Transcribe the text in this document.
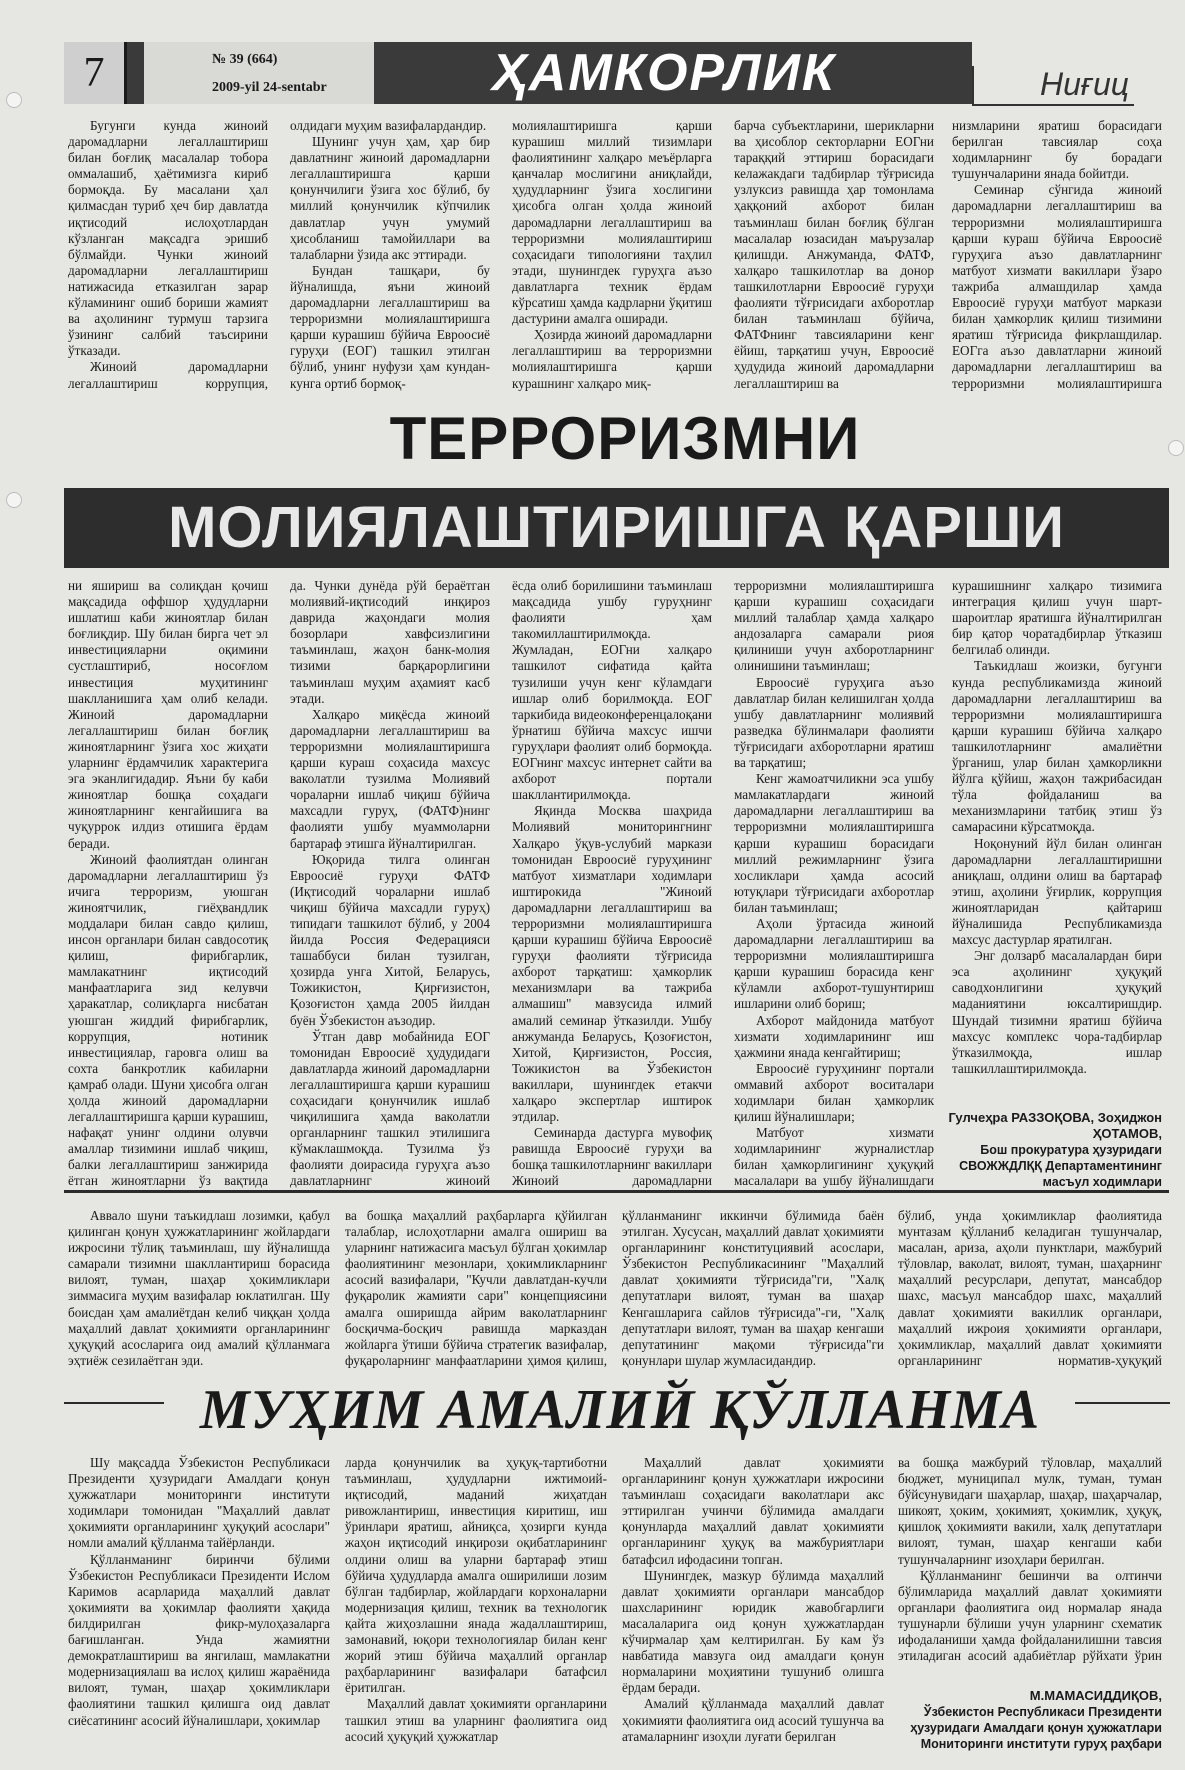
7	№ 39 (664)
2009-yil 24-sentabr	ҲАМКОРЛИК	Ниғиц

Бугунги кунда жиноий даромадларни легаллаштириш билан боғлиқ масалалар тобора оммалашиб, ҳаётимизга кириб бормоқда. Бу масалани ҳал қилмасдан туриб ҳеч бир давлатда иқтисодий ислоҳотлардан кўзланган мақсадга эришиб бўлмайди. Чунки жиноий даромадларни легаллаштириш натижасида етказилган зарар кўламининг ошиб бориши жамият ва аҳолининг турмуш тарзига ўзининг салбий таъсирини ўтказади.

Жиноий даромадларни легаллаштириш коррупция,

олдидаги муҳим вазифалардандир.

Шунинг учун ҳам, ҳар бир давлатнинг жиноий даромадларни легаллаштиришга қарши қонунчилиги ўзига хос бўлиб, бу миллий қонунчилик кўпчилик давлатлар учун умумий ҳисобланиш тамойиллари ва талабларни ўзида акс эттиради.

Бундан ташқари, бу йўналишда, яъни жиноий даромадларни легаллаштириш ва терроризмни молиялаштиришга қарши курашиш бўйича Евроосиё гуруҳи (ЕОГ) ташкил этилган бўлиб, унинг нуфузи ҳам кундан-кунга ортиб бормоқ-

молиялаштиришга қарши курашиш миллий тизимлари фаолиятининг халқаро меъёрларга қанчалар мослигини аниқлайди, ҳудудларнинг ўзига хослигини ҳисобга олган ҳолда жиноий даромадларни легаллаштириш ва терроризмни молиялаштириш соҳасидаги типологияни таҳлил этади, шунингдек гуруҳга аъзо давлатларга техник ёрдам кўрсатиш ҳамда кадрларни ўқитиш дастурини амалга оширади.

Ҳозирда жиноий даромадларни легаллаштириш ва терроризмни молиялаштиришга қарши курашнинг халқаро миқ-

барча субъектларини, шерикларни ва ҳисоблор секторларни ЕОГни тараққий эттириш борасидаги келажакдаги тадбирлар тўғрисида узлуксиз равишда ҳар томонлама ҳаққоний ахборот билан таъминлаш билан боғлиқ бўлган масалалар юзасидан маърузалар қилишди. Анжуманда, ФАТФ, халқаро ташкилотлар ва донор ташкилотларни Евроосиё гуруҳи фаолияти тўғрисидаги ахборотлар билан таъминлаш бўйича, ФАТФнинг тавсияларини кенг ёйиш, тарқатиш учун, Евроосиё ҳудудида жиноий даромадларни легаллаштириш ва

низмларини яратиш борасидаги берилган тавсиялар соҳа ходимларнинг бу борадаги тушунчаларини янада бойитди.

Семинар сўнгида жиноий даромадларни легаллаштириш ва терроризмни молиялаштиришга қарши кураш бўйича Евроосиё гуруҳига аъзо давлатларнинг матбуот хизмати вакиллари ўзаро тажриба алмашдилар ҳамда Евроосиё гуруҳи матбуот маркази билан ҳамкорлик қилиш тизимини яратиш тўғрисида фикрлашдилар. ЕОГга аъзо давлатларни жиноий даромадларни легаллаштириш ва терроризмни молиялаштиришга

ТЕРРОРИЗМНИ
МОЛИЯЛАШТИРИШГА ҚАРШИ

ни яшириш ва солиқдан қочиш мақсадида оффшор ҳудудларни ишлатиш каби жиноятлар билан боғлиқдир. Шу билан бирга чет эл инвестицияларни оқимини сустлаштириб, носоғлом инвестиция муҳитининг шаклланишига ҳам олиб келади. Жиноий даромадларни легаллаштириш билан боғлиқ жиноятларнинг ўзига хос жиҳати уларнинг ёрдамчилик характерига эга эканлигидадир. Яъни бу каби жиноятлар бошқа соҳадаги жиноятларнинг кенгайишига ва чуқуррок илдиз отишига ёрдам беради.

Жиноий фаолиятдан олинган даромадларни легаллаштириш ўз ичига терроризм, уюшган жиноятчилик, гиёҳвандлик моддалари билан савдо қилиш, инсон органлари билан савдосотиқ қилиш, фирибгарлик, мамлакатнинг иқтисодий манфаатларига зид келувчи ҳаракатлар, солиқларга нисбатан уюшган жиддий фирибгарлик, коррупция, нотиник инвестициялар, гаровга олиш ва сохта банкротлик кабиларни қамраб олади. Шуни ҳисобга олган ҳолда жиноий даромадларни легаллаштиришга қарши курашиш, нафақат унинг олдини олувчи амаллар тизимини ишлаб чиқиш, балки легаллаштириш занжирида ётган жиноятларни ўз вақтида

да. Чунки дунёда рўй бераётган молиявий-иқтисодий инқироз даврида жаҳондаги молия бозорлари хавфсизлигини таъминлаш, жаҳон банк-молия тизими барқарорлигини таъминлаш муҳим аҳамият касб этади.

Халқаро миқёсда жиноий даромадларни легаллаштириш ва терроризмни молиялаштиришга қарши кураш соҳасида махсус ваколатли тузилма Молиявий чораларни ишлаб чиқиш бўйича махсадли гуруҳ, (ФАТФ)нинг фаолияти ушбу муаммоларни бартараф этишга йўналтирилган.

Юқорида тилга олинган Евроосиё гуруҳи ФАТФ (Иқтисодий чораларни ишлаб чиқиш бўйича махсадли гуруҳ) типидаги ташкилот бўлиб, у 2004 йилда Россия Федерацияси ташаббуси билан тузилган, ҳозирда унга Хитой, Беларусь, Тожикистон, Қирғизистон, Қозоғистон ҳамда 2005 йилдан буён Ўзбекистон аъзодир.

Ўтган давр мобайнида ЕОГ томонидан Евроосиё ҳудудидаги давлатларда жиноий даромадларни легаллаштиришга қарши курашиш соҳасидаги қонунчилик ишлаб чиқилишига ҳамда ваколатли органларнинг ташкил этилишига кўмаклашмоқда. Тузилма ўз фаолияти доирасида гуруҳга аъзо давлатларнинг жиноий

ёсда олиб борилишини таъминлаш мақсадида ушбу гуруҳнинг фаолияти ҳам такомиллаштирилмоқда. Жумладан, ЕОГни халқаро ташкилот сифатида қайта тузилиши учун кенг кўламдаги ишлар олиб борилмоқда. ЕОГ таркибида видеоконференцалоқани ўрнатиш бўйича махсус ишчи гуруҳлари фаолият олиб бормоқда. ЕОГнинг махсус интернет сайти ва ахборот портали шакллантирилмоқда.

Яқинда Москва шаҳрида Молиявий мониторингнинг Халқаро ўқув-услубий маркази томонидан Евроосиё гуруҳининг матбуот хизматлари ходимлари иштирокида "Жиноий даромадларни легаллаштириш ва терроризмни молиялаштиришга қарши курашиш бўйича Евроосиё гуруҳи фаолияти тўғрисида ахборот тарқатиш: ҳамкорлик механизмлари ва тажриба алмашиш" мавзусида илмий амалий семинар ўтказилди. Ушбу анжуманда Беларусь, Қозоғистон, Хитой, Қирғизистон, Россия, Тожикистон ва Ўзбекистон вакиллари, шунингдек етакчи халқаро экспертлар иштирок этдилар.

Семинарда дастурга мувофиқ равишда Евроосиё гуруҳи ва бошқа ташкилотларнинг вакиллари Жиноий даромадларни

терроризмни молиялаштиришга қарши курашиш соҳасидаги миллий талаблар ҳамда халқаро андозаларга самарали риоя қилиниши учун ахборотларнинг олинишини таъминлаш;

Евроосиё гуруҳига аъзо давлатлар билан келишилган ҳолда ушбу давлатларнинг молиявий разведка бўлинмалари фаолияти тўғрисидаги ахборотларни яратиш ва тарқатиш;

Кенг жамоатчиликни эса ушбу мамлакатлардаги жиноий даромадларни легаллаштириш ва терроризмни молиялаштиришга қарши курашиш борасидаги миллий режимларнинг ўзига хосликлари ҳамда асосий ютуқлари тўғрисидаги ахборотлар билан таъминлаш;

Аҳоли ўртасида жиноий даромадларни легаллаштириш ва терроризмни молиялаштиришга қарши курашиш борасида кенг кўламли ахборот-тушунтириш ишларини олиб бориш;

Ахборот майдонида матбуот хизмати ходимларининг иш ҳажмини янада кенгайтириш;

Евроосиё гуруҳининг портали оммавий ахборот воситалари ходимлари билан ҳамкорлик қилиш йўналишлари;

Матбуот хизмати ходимларининг журналистлар билан ҳамкорлигининг ҳуқуқий масалалари ва ушбу йўналишдаги

курашишнинг халқаро тизимига интеграция қилиш учун шарт-шароитлар яратишга йўналтирилган бир қатор чоратадбирлар ўтказиш белгилаб олинди.

Таъкидлаш жоизки, бугунги кунда республикамизда жиноий даромадларни легаллаштириш ва терроризмни молиялаштиришга қарши курашиш бўйича халқаро ташкилотларнинг амалиётни ўрганиш, улар билан ҳамкорликни йўлга қўйиш, жаҳон тажрибасидан тўла фойдаланиш ва механизмларини татбиқ этиш ўз самарасини кўрсатмоқда.

Ноқонуний йўл билан олинган даромадларни легаллаштиришни аниқлаш, олдини олиш ва бартараф этиш, аҳолини ўғирлик, коррупция жиноятларидан қайтариш йўналишида Республикамизда махсус дастурлар яратилган.

Энг долзарб масалалардан бири эса аҳолининг ҳуқуқий саводхонлигини ҳуқуқий маданиятини юксалтиришдир. Шундай тизимни яратиш бўйича махсус комплекс чора-тадбирлар ўтказилмоқда, ишлар ташкиллаштирилмоқда.

Гулчеҳра РАЗЗОҚОВА, Зоҳиджон ҲОТАМОВ,
Бош прокуратура ҳузуридаги
СВОЖЖДЛҚҚ Департаментининг
масъул ходимлари

Аввало шуни таъкидлаш лозимки, қабул қилинган қонун ҳужжатларининг жойлардаги ижросини тўлиқ таъминлаш, шу йўналишда самарали тизимни шакллантириш борасида вилоят, туман, шаҳар ҳокимликлари зиммасига муҳим вазифалар юклатилган. Шу боисдан ҳам амалиётдан келиб чиққан ҳолда маҳаллий давлат ҳокимияти органларининг ҳуқуқий асосларига оид амалий қўлланмага эҳтиёж сезилаётган эди.

ва бошқа маҳаллий раҳбарларга қўйилган талаблар, ислоҳотларни амалга ошириш ва уларнинг натижасига масъул бўлган ҳокимлар фаолиятининг мезонлари, ҳокимликларнинг асосий вазифалари, "Кучли давлатдан-кучли фуқаролик жамияти сари" концепциясини амалга оширишда айрим ваколатларнинг босқичма-босқич равишда марказдан жойларга ўтиши бўйича стратегик вазифалар, фуқароларнинг манфаатларини ҳимоя қилиш,

қўлланманинг иккинчи бўлимида баён этилган. Хусусан, маҳаллий давлат ҳокимияти органларининг конституциявий асослари, Ўзбекистон Республикасининг "Маҳаллий давлат ҳокимияти тўғрисида"ги, "Халқ депутатлари вилоят, туман ва шаҳар Кенгашларига сайлов тўғрисида"-ги, "Халқ депутатлари вилоят, туман ва шаҳар кенгаши депутатининг мақоми тўғрисида"ги қонунлари шулар жумласидандир.

бўлиб, унда ҳокимликлар фаолиятида мунтазам қўлланиб келадиган тушунчалар, масалан, ариза, аҳоли пунктлари, мажбурий тўловлар, ваколат, вилоят, туман, шаҳарнинг маҳаллий ресурслари, депутат, мансабдор шахс, масъул мансабдор шахс, маҳаллий давлат ҳокимияти вакиллик органлари, маҳаллий ижроия ҳокимияти органлари, ҳокимликлар, маҳаллий давлат ҳокимияти органларининг норматив-ҳуқуқий

МУҲИМ АМАЛИЙ ҚЎЛЛАНМА

Шу мақсадда Ўзбекистон Республикаси Президенти ҳузуридаги Амалдаги қонун ҳужжатлари мониторинги институти ходимлари томонидан "Маҳаллий давлат ҳокимияти органларининг ҳуқуқий асослари" номли амалий қўлланма тайёрланди.

Қўлланманинг биринчи бўлими Ўзбекистон Республикаси Президенти Ислом Каримов асарларида маҳаллий давлат ҳокимияти ва ҳокимлар фаолияти ҳақида билдирилган фикр-мулоҳазаларга бағишланган. Унда жамиятни демократлаштириш ва янгилаш, мамлакатни модернизациялаш ва ислоҳ қилиш жараёнида вилоят, туман, шаҳар ҳокимликлари фаолиятини ташкил қилишга оид давлат сиёсатининг асосий йўналишлари, ҳокимлар

ларда қонунчилик ва ҳуқуқ-тартиботни таъминлаш, ҳудудларни ижтимоий-иқтисодий, маданий жиҳатдан ривожлантириш, инвестиция киритиш, иш ўринлари яратиш, айниқса, ҳозирги кунда жаҳон иқтисодий инқирози оқибатларининг олдини олиш ва уларни бартараф этиш бўйича ҳудудларда амалга оширилиши лозим бўлган тадбирлар, жойлардаги корхоналарни модернизация қилиш, техник ва технологик қайта жиҳозлашни янада жадаллаштириш, замонавий, юқори технологиялар билан кенг жорий этиш бўйича маҳаллий органлар раҳбарларининг вазифалари батафсил ёритилган.

Маҳаллий давлат ҳокимияти органларини ташкил этиш ва уларнинг фаолиятига оид асосий ҳуқуқий ҳужжатлар

Маҳаллий давлат ҳокимияти органларининг қонун ҳужжатлари ижросини таъминлаш соҳасидаги ваколатлари акс эттирилган учинчи бўлимида амалдаги қонунларда маҳаллий давлат ҳокимияти органларининг ҳуқуқ ва мажбуриятлари батафсил ифодасини топган.

Шунингдек, мазкур бўлимда маҳаллий давлат ҳокимияти органлари мансабдор шахсларининг юридик жавобгарлиги масалаларига оид қонун ҳужжатлардан кўчирмалар ҳам келтирилган. Бу кам ўз навбатида мавзуга оид амалдаги қонун нормаларини моҳиятини тушуниб олишга ёрдам беради.

Амалий қўлланмада маҳаллий давлат ҳокимияти фаолиятига оид асосий тушунча ва атамаларнинг изоҳли луғати берилган

ва бошқа мажбурий тўловлар, маҳаллий бюджет, муниципал мулк, туман, туман бўйсунувидаги шаҳарлар, шаҳар, шаҳарчалар, шикоят, ҳоким, ҳокимият, ҳокимлик, ҳуқуқ, қишлоқ ҳокимияти вакили, халқ депутатлари вилоят, туман, шаҳар кенгаши каби тушунчаларнинг изоҳлари берилган.

Қўлланманинг бешинчи ва олтинчи бўлимларида маҳаллий давлат ҳокимияти органлари фаолиятига оид нормалар янада тушунарли бўлиши учун уларнинг схематик ифодаланиши ҳамда фойдаланилишни тавсия этиладиган асосий адабиётлар рўйхати ўрин

М.МАМАСИДДИҚОВ,
Ўзбекистон Республикаси Президенти
ҳузуридаги Амалдаги қонун ҳужжатлари
Мониторинги институти гуруҳ раҳбари
